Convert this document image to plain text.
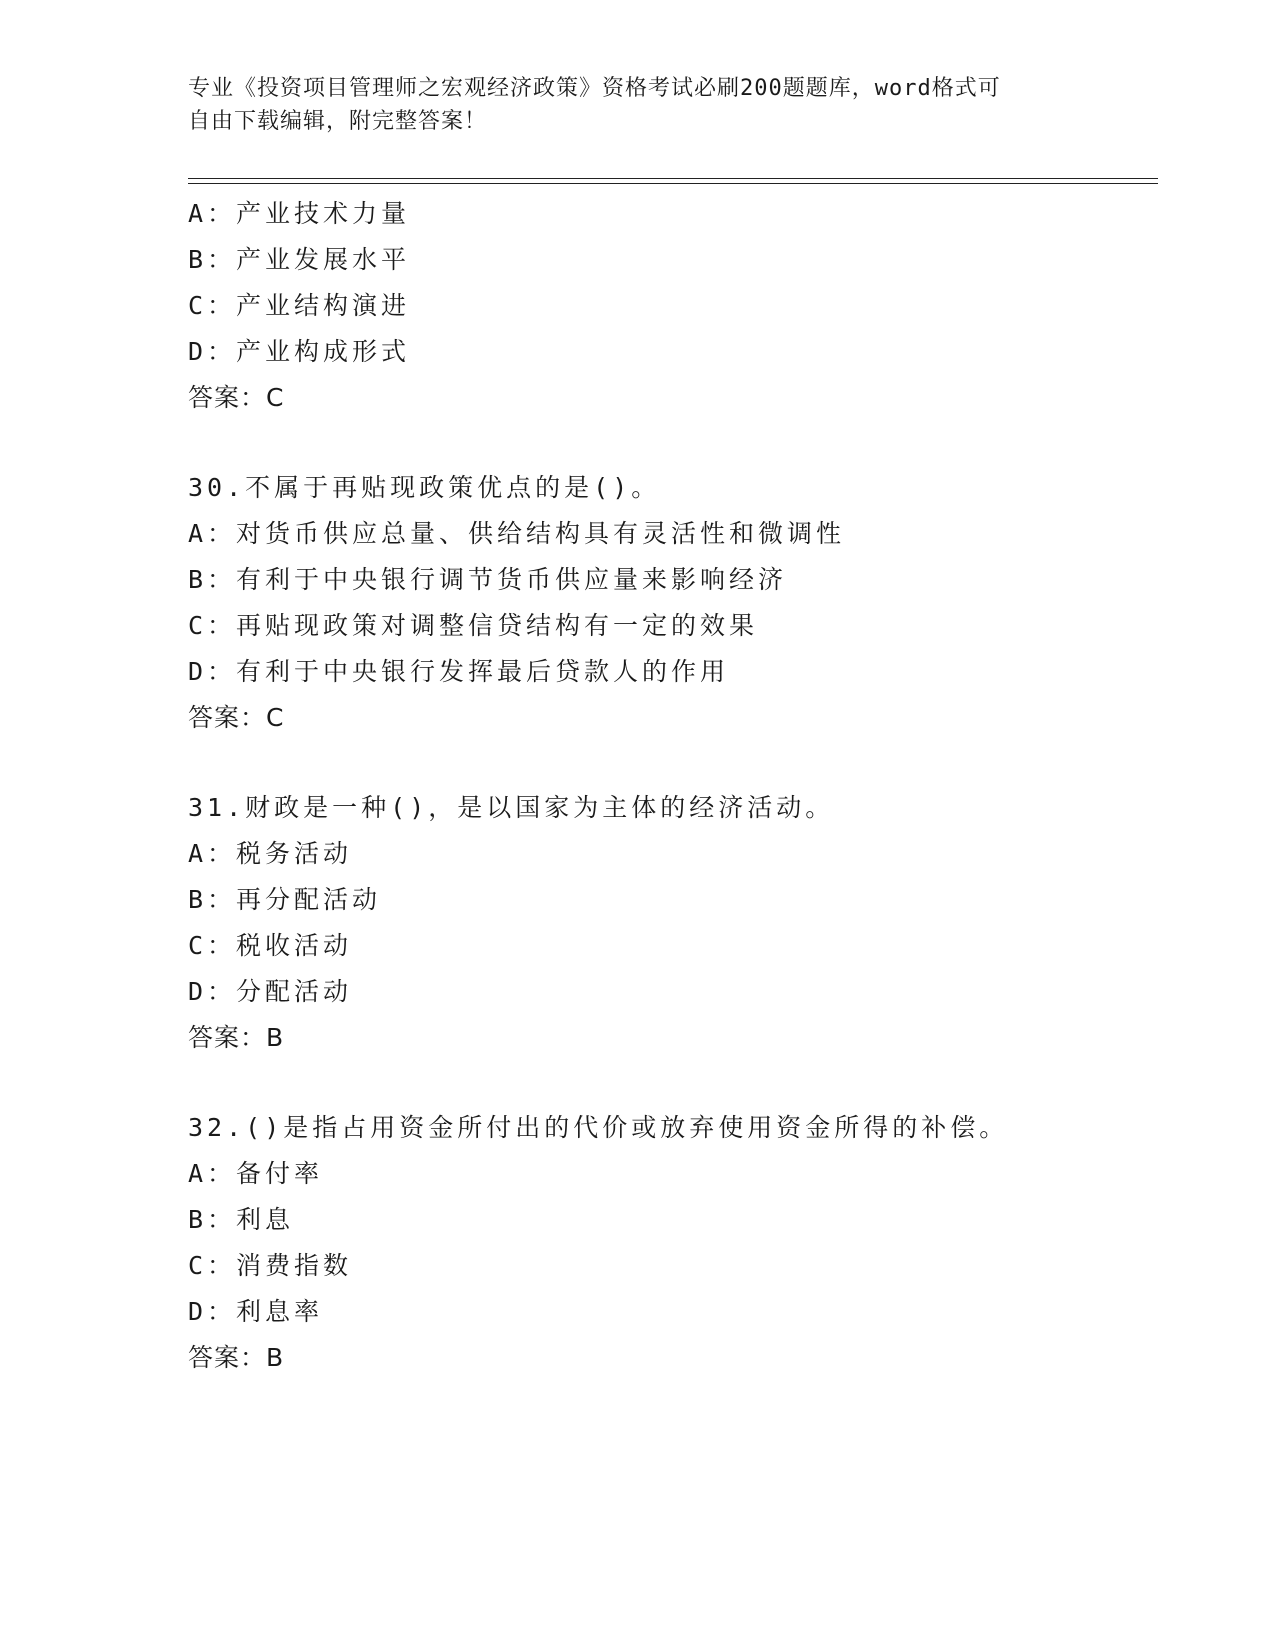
专业《投资项目管理师之宏观经济政策》资格考试必刷200题题库，word格式可
自由下载编辑，附完整答案！
A：产业技术力量
B：产业发展水平
C：产业结构演进
D：产业构成形式
答案：C
30.不属于再贴现政策优点的是()。
A：对货币供应总量、供给结构具有灵活性和微调性
B：有利于中央银行调节货币供应量来影响经济
C：再贴现政策对调整信贷结构有一定的效果
D：有利于中央银行发挥最后贷款人的作用
答案：C
31.财政是一种()，是以国家为主体的经济活动。
A：税务活动
B：再分配活动
C：税收活动
D：分配活动
答案：B
32.()是指占用资金所付出的代价或放弃使用资金所得的补偿。
A：备付率
B：利息
C：消费指数
D：利息率
答案：B
